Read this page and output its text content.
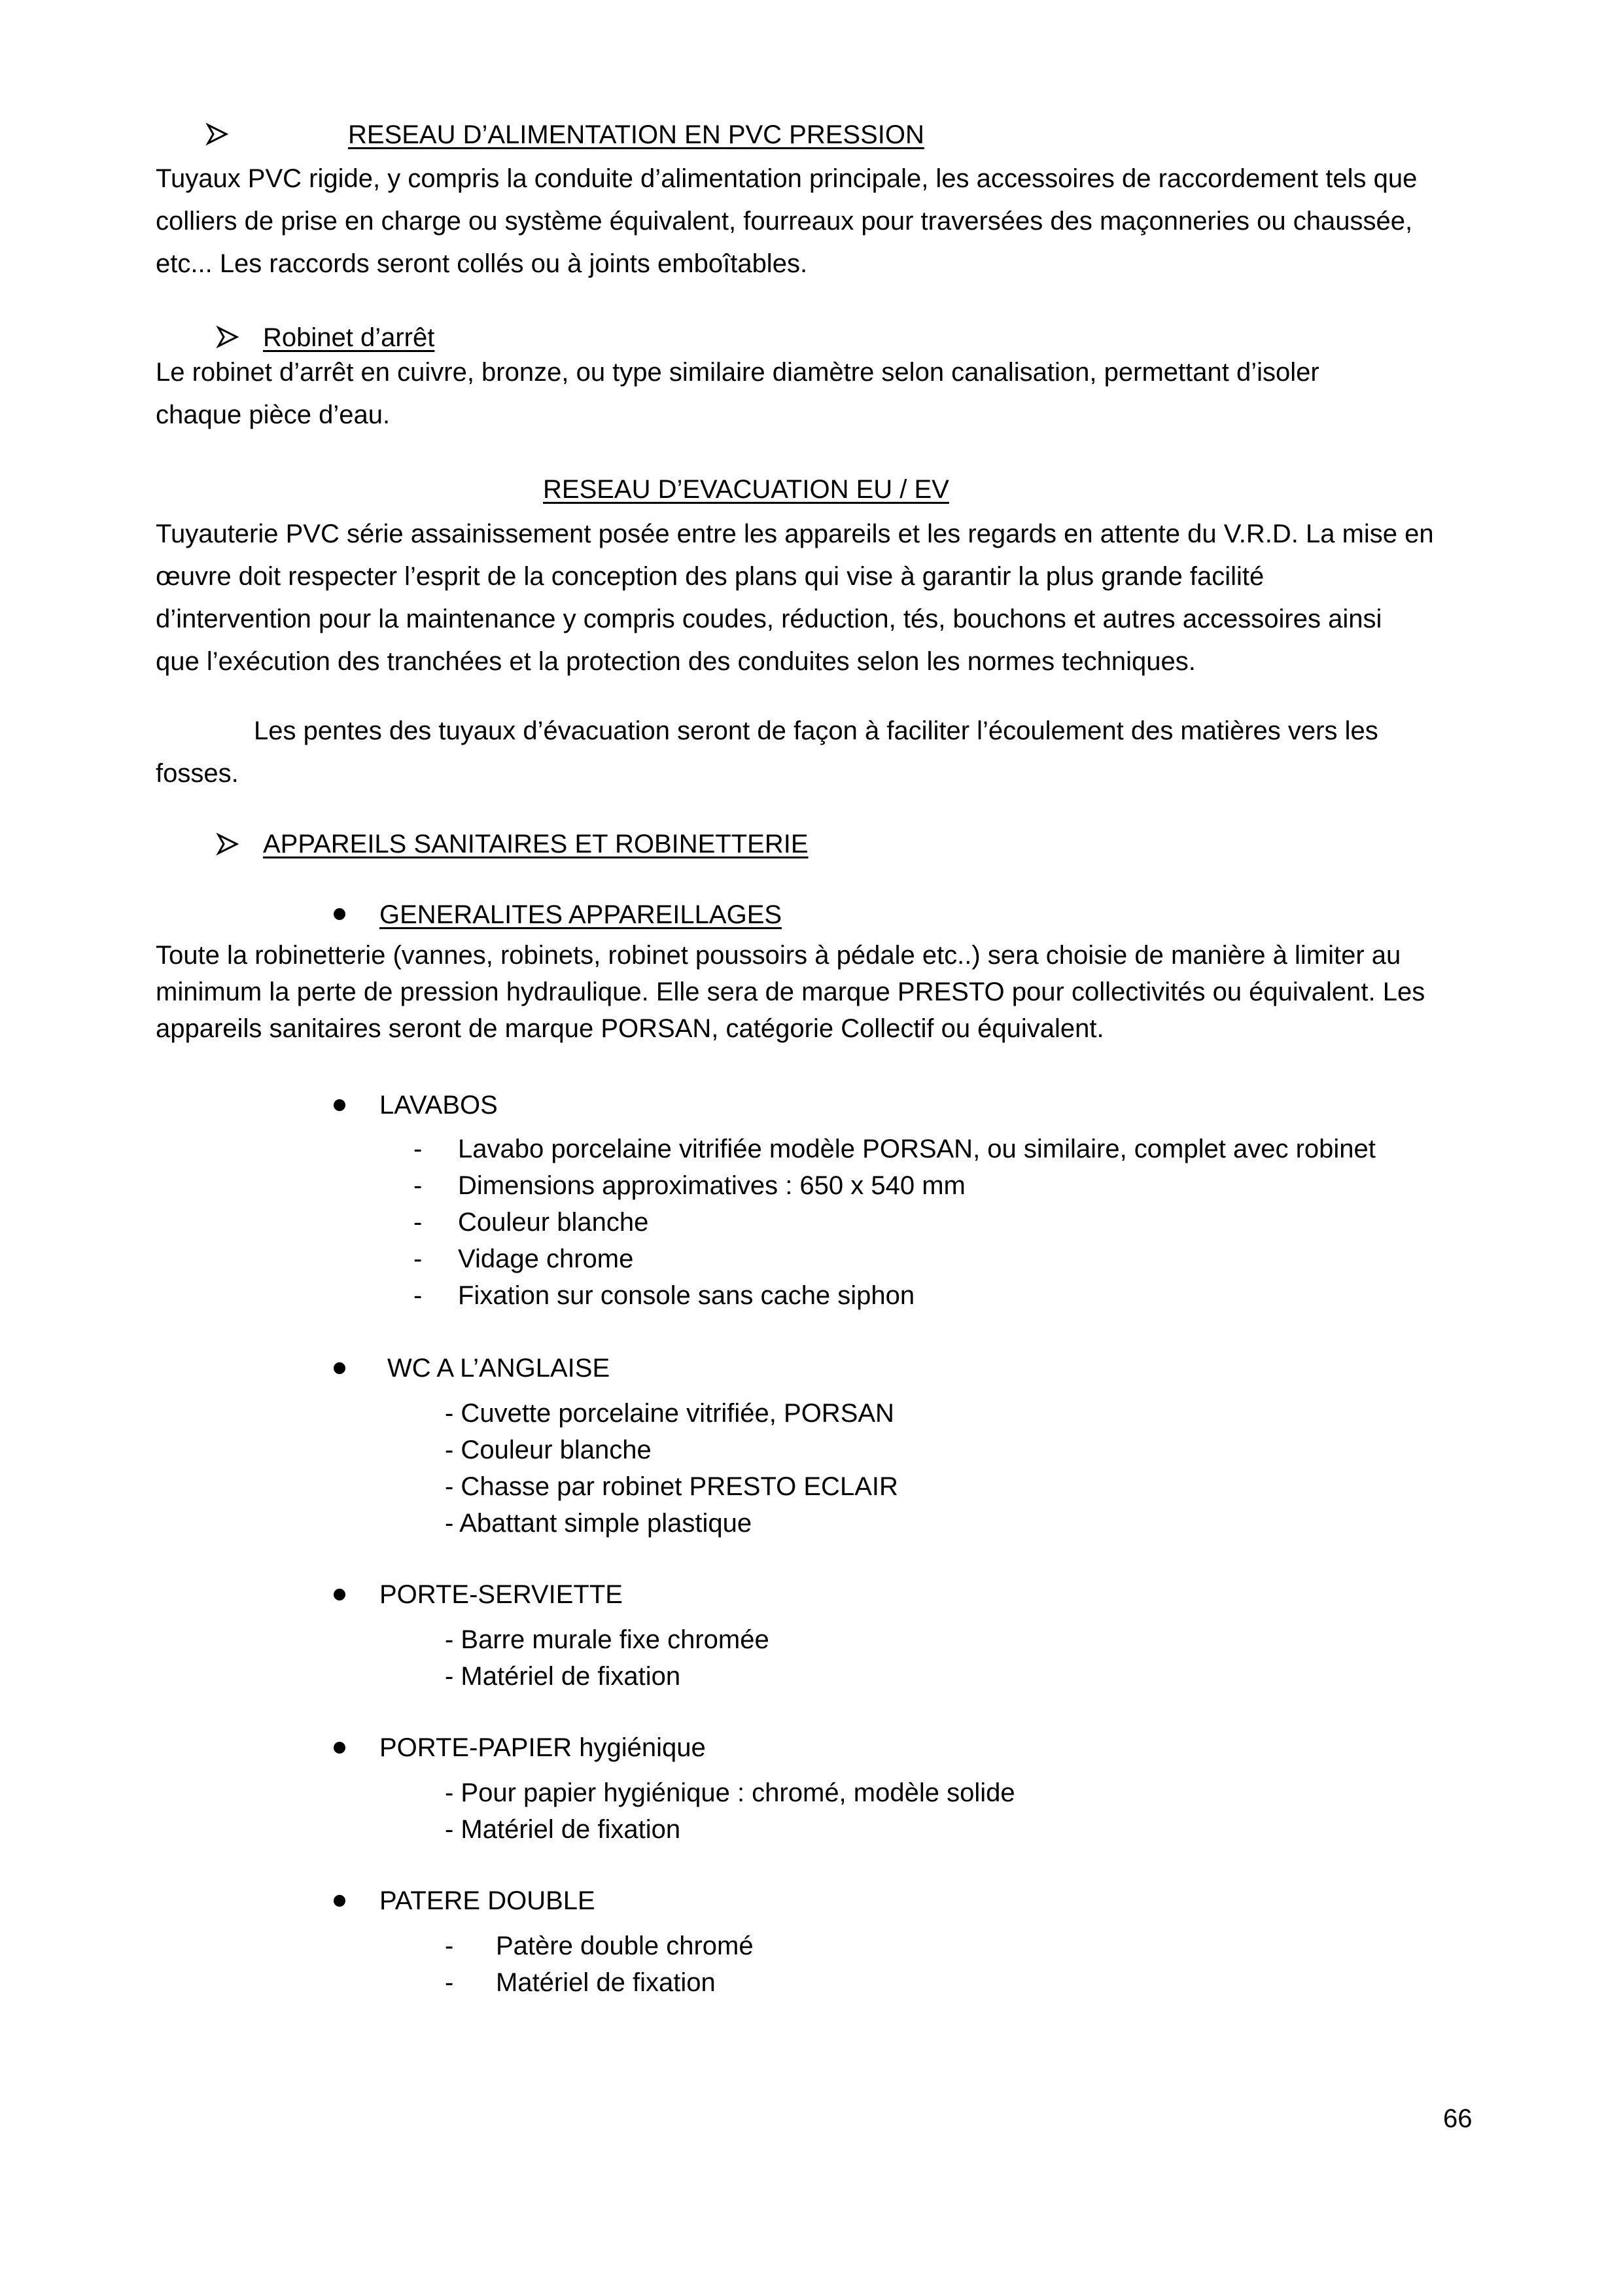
RESEAU D’ALIMENTATION EN PVC PRESSION
Tuyaux PVC rigide, y compris la conduite d’alimentation principale, les accessoires de raccordement tels que
colliers de prise en charge ou système équivalent, fourreaux pour traversées des maçonneries ou chaussée,
etc... Les raccords seront collés ou à joints emboîtables.
Robinet d’arrêt
Le robinet d’arrêt en cuivre, bronze, ou type similaire diamètre selon canalisation, permettant d’isoler
chaque pièce d’eau.
RESEAU D’EVACUATION EU / EV
Tuyauterie PVC série assainissement posée entre les appareils et les regards en attente du V.R.D. La mise en
œuvre doit respecter l’esprit de la conception des plans qui vise à garantir la plus grande facilité
d’intervention pour la maintenance y compris coudes, réduction, tés, bouchons et autres accessoires ainsi
que l’exécution des tranchées et la protection des conduites selon les normes techniques.
Les pentes des tuyaux d’évacuation seront de façon à faciliter l’écoulement des matières vers les
fosses.
APPAREILS SANITAIRES ET ROBINETTERIE
GENERALITES APPAREILLAGES
Toute la robinetterie (vannes, robinets, robinet poussoirs à pédale etc..) sera choisie de manière à limiter au
minimum la perte de pression hydraulique. Elle sera de marque PRESTO pour collectivités ou équivalent. Les
appareils sanitaires seront de marque PORSAN, catégorie Collectif ou équivalent.
LAVABOS
- Lavabo porcelaine vitrifiée modèle PORSAN, ou similaire, complet avec robinet
- Dimensions approximatives : 650 x 540 mm
- Couleur blanche
- Vidage chrome
- Fixation sur console sans cache siphon
WC A L’ANGLAISE
- Cuvette porcelaine vitrifiée, PORSAN
- Couleur blanche
- Chasse par robinet PRESTO ECLAIR
- Abattant simple plastique
PORTE-SERVIETTE
- Barre murale fixe chromée
- Matériel de fixation
PORTE-PAPIER hygiénique
- Pour papier hygiénique : chromé, modèle solide
- Matériel de fixation
PATERE DOUBLE
- Patère double chromé
- Matériel de fixation
66
